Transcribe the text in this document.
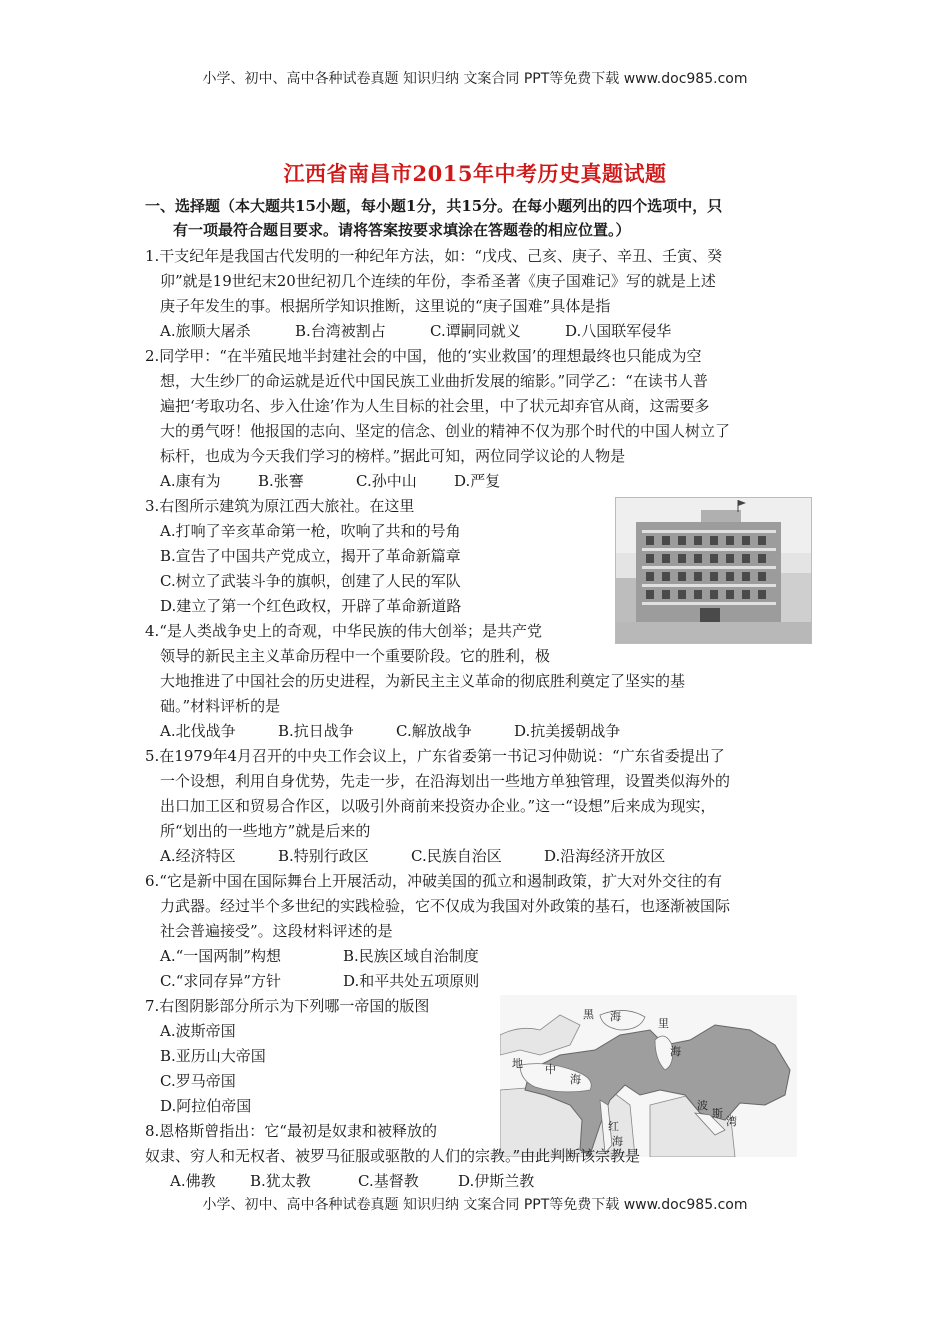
小学、初中、高中各种试卷真题 知识归纳 文案合同 PPT等免费下载 www.doc985.com
江西省南昌市2015年中考历史真题试题
一、选择题（本大题共15小题，每小题1分，共15分。在每小题列出的四个选项中，只
有一项最符合题目要求。请将答案按要求填涂在答题卷的相应位置。）
1.干支纪年是我国古代发明的一种纪年方法，如：“戊戌、己亥、庚子、辛丑、壬寅、癸
卯”就是19世纪末20世纪初几个连续的年份，李希圣著《庚子国难记》写的就是上述
庚子年发生的事。根据所学知识推断，这里说的“庚子国难”具体是指
A.旅顺大屠杀	B.台湾被割占	C.谭嗣同就义	D.八国联军侵华
2.同学甲：“在半殖民地半封建社会的中国，他的‘实业救国’的理想最终也只能成为空
想，大生纱厂的命运就是近代中国民族工业曲折发展的缩影。”同学乙：“在读书人普
遍把‘考取功名、步入仕途’作为人生目标的社会里，中了状元却弃官从商，这需要多
大的勇气呀！他报国的志向、坚定的信念、创业的精神不仅为那个时代的中国人树立了
标杆，也成为今天我们学习的榜样。”据此可知，两位同学议论的人物是
A.康有为 B.张謇	C.孙中山 D.严复
3.右图所示建筑为原江西大旅社。在这里
A.打响了辛亥革命第一枪，吹响了共和的号角
B.宣告了中国共产党成立，揭开了革命新篇章
C.树立了武装斗争的旗帜，创建了人民的军队
D.建立了第一个红色政权，开辟了革命新道路
4.“是人类战争史上的奇观，中华民族的伟大创举；是共产党
领导的新民主主义革命历程中一个重要阶段。它的胜利，极
大地推进了中国社会的历史进程，为新民主主义革命的彻底胜利奠定了坚实的基
础。”材料评析的是
A.北伐战争	B.抗日战争	C.解放战争	D.抗美援朝战争
5.在1979年4月召开的中央工作会议上，广东省委第一书记习仲勋说：“广东省委提出了
一个设想，利用自身优势，先走一步，在沿海划出一些地方单独管理，设置类似海外的
出口加工区和贸易合作区，以吸引外商前来投资办企业。”这一“设想”后来成为现实，
所“划出的一些地方”就是后来的
A.经济特区	B.特别行政区	C.民族自治区	D.沿海经济开放区
6.“它是新中国在国际舞台上开展活动，冲破美国的孤立和遏制政策，扩大对外交往的有
力武器。经过半个多世纪的实践检验，它不仅成为我国对外政策的基石，也逐渐被国际
社会普遍接受”。这段材料评述的是
A.“一国两制”构想	B.民族区域自治制度
C.“求同存异”方针	D.和平共处五项原则
7.右图阴影部分所示为下列哪一帝国的版图
A.波斯帝国
B.亚历山大帝国
C.罗马帝国
D.阿拉伯帝国
黑 海
里
海
地 中
海
红
海
波
斯
湾
8.恩格斯曾指出：它“最初是奴隶和被释放的
奴隶、穷人和无权者、被罗马征服或驱散的人们的宗教。”由此判断该宗教是
A.佛教 B.犹太教	C.基督教	D.伊斯兰教
小学、初中、高中各种试卷真题 知识归纳 文案合同 PPT等免费下载 www.doc985.com
